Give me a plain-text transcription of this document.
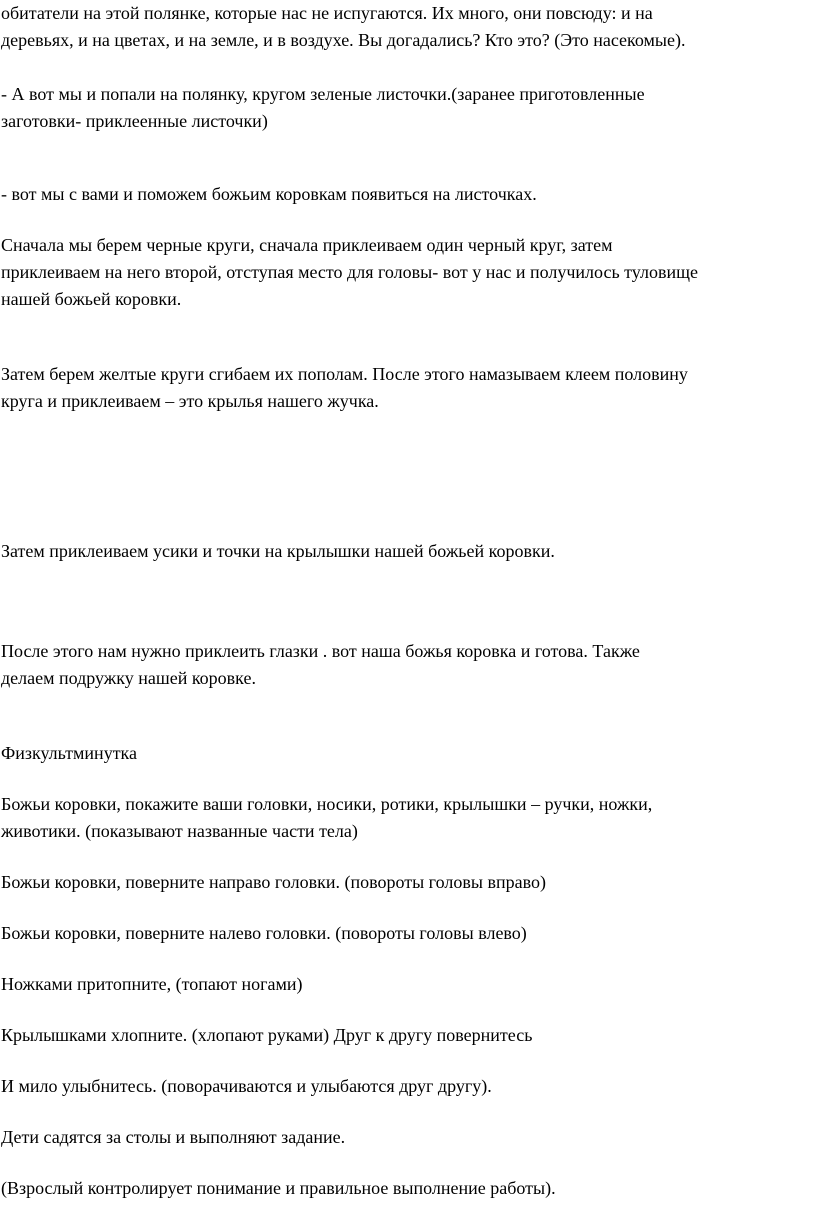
обитатели на этой полянке, которые нас не испугаются. Их много, они повсюду: и на
деревьях, и на цветах, и на земле, и в воздухе. Вы догадались? Кто это? (Это насекомые).

- А вот мы и попали на полянку, кругом зеленые листочки.(заранее приготовленные
заготовки- приклеенные листочки)

- вот мы с вами и поможем божьим коровкам появиться на листочках.

Сначала мы берем черные круги, сначала приклеиваем один черный круг, затем
приклеиваем на него второй, отступая место для головы- вот у нас и получилось туловище
нашей божьей коровки.

Затем берем желтые круги сгибаем их пополам. После этого намазываем клеем половину
круга и приклеиваем – это крылья нашего жучка.

Затем приклеиваем усики и точки на крылышки нашей божьей коровки.

После этого нам нужно приклеить глазки . вот наша божья коровка и готова. Также
делаем подружку нашей коровке.

Физкультминутка

Божьи коровки, покажите ваши головки, носики, ротики, крылышки – ручки, ножки,
животики. (показывают названные части тела)

Божьи коровки, поверните направо головки. (повороты головы вправо)

Божьи коровки, поверните налево головки. (повороты головы влево)

Ножками притопните, (топают ногами)

Крылышками хлопните. (хлопают руками) Друг к другу повернитесь

И мило улыбнитесь. (поворачиваются и улыбаются друг другу).

Дети садятся за столы и выполняют задание.

(Взрослый контролирует понимание и правильное выполнение работы).
